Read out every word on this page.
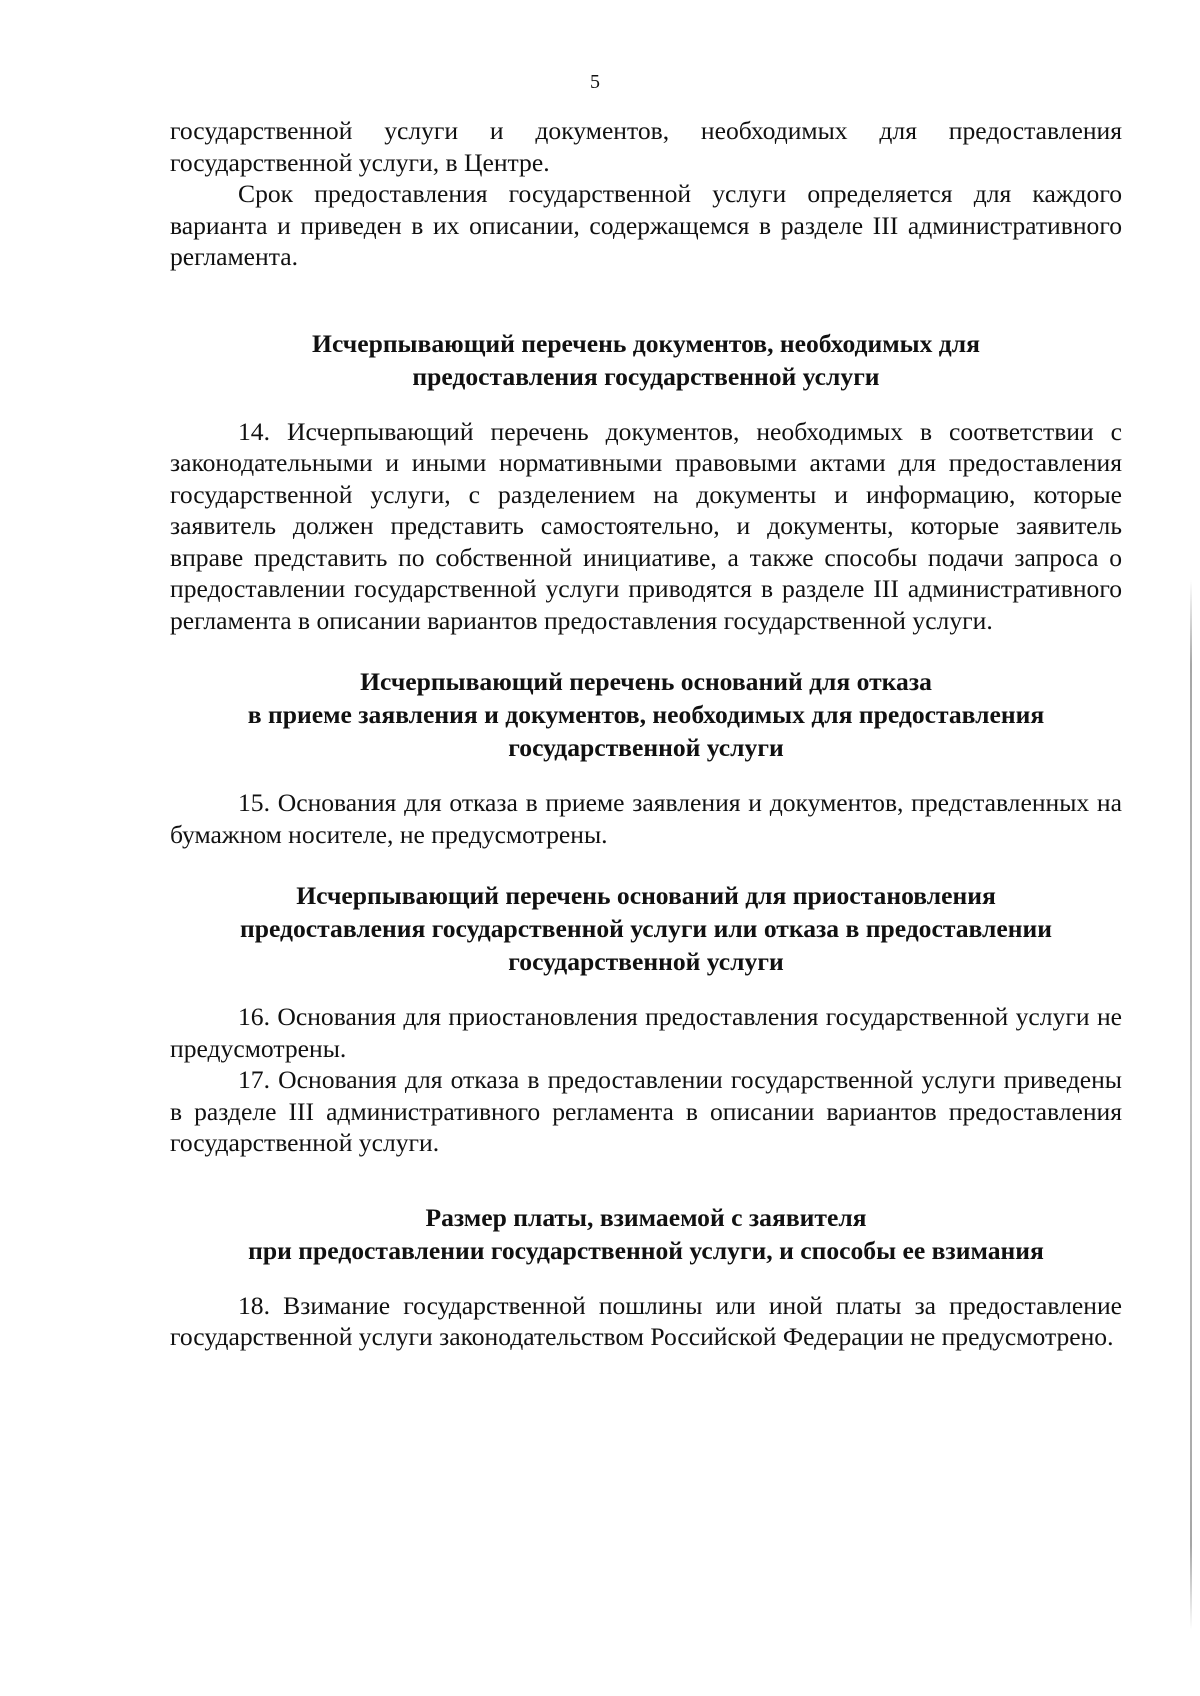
5

государственной услуги и документов, необходимых для предоставления государственной услуги, в Центре.

Срок предоставления государственной услуги определяется для каждого варианта и приведен в их описании, содержащемся в разделе III административного регламента.

Исчерпывающий перечень документов, необходимых для
предоставления государственной услуги

14. Исчерпывающий перечень документов, необходимых в соответствии с законодательными и иными нормативными правовыми актами для предоставления государственной услуги, с разделением на документы и информацию, которые заявитель должен представить самостоятельно, и документы, которые заявитель вправе представить по собственной инициативе, а также способы подачи запроса о предоставлении государственной услуги приводятся в разделе III административного регламента в описании вариантов предоставления государственной услуги.

Исчерпывающий перечень оснований для отказа
в приеме заявления и документов, необходимых для предоставления
государственной услуги

15. Основания для отказа в приеме заявления и документов, представленных на бумажном носителе, не предусмотрены.

Исчерпывающий перечень оснований для приостановления
предоставления государственной услуги или отказа в предоставлении
государственной услуги

16. Основания для приостановления предоставления государственной услуги не предусмотрены.

17. Основания для отказа в предоставлении государственной услуги приведены в разделе III административного регламента в описании вариантов предоставления государственной услуги.

Размер платы, взимаемой с заявителя
при предоставлении государственной услуги, и способы ее взимания

18. Взимание государственной пошлины или иной платы за предоставление государственной услуги законодательством Российской Федерации не предусмотрено.
